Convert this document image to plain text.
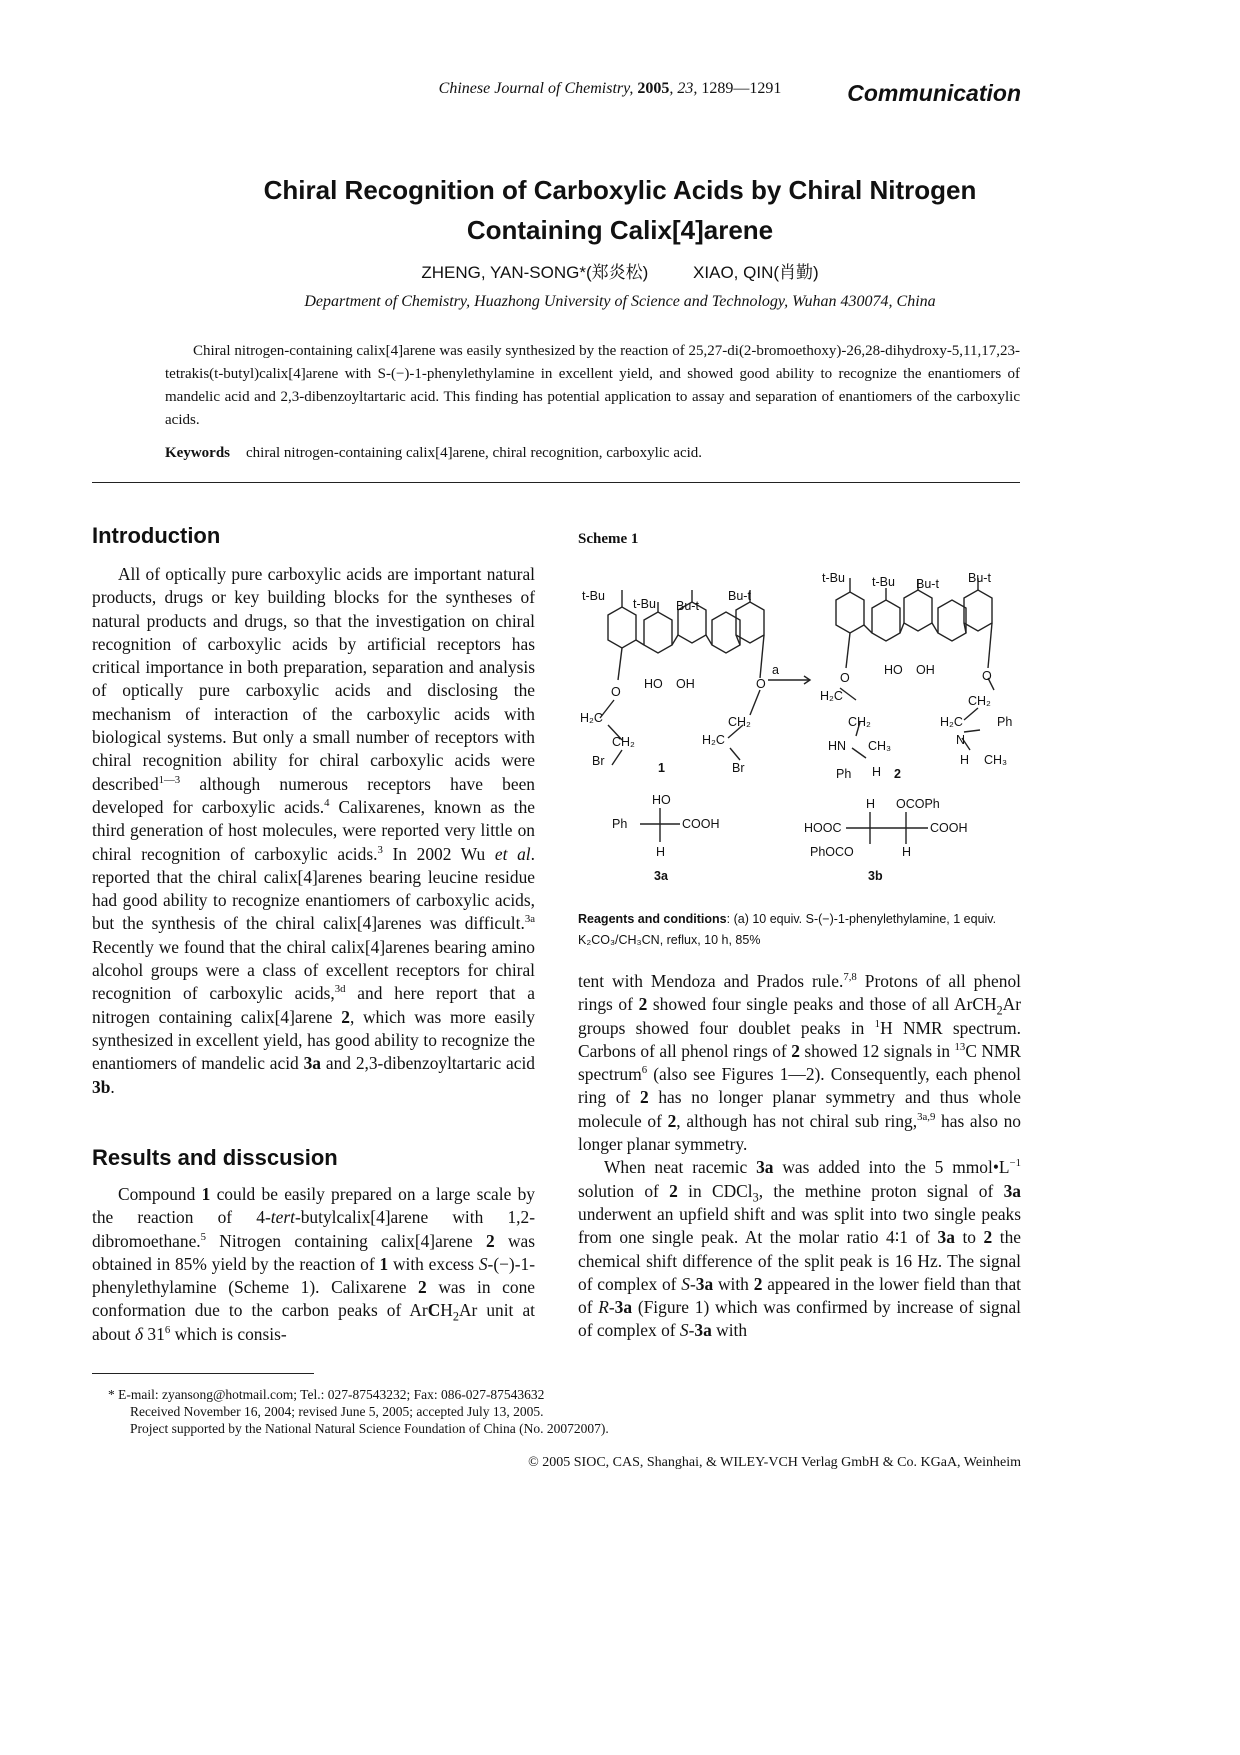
Chinese Journal of Chemistry, 2005, 23, 1289—1291	Communication
Chiral Recognition of Carboxylic Acids by Chiral Nitrogen
Containing Calix[4]arene
ZHENG, YAN-SONG*(郑炎松)	XIAO, QIN(肖勤)
Department of Chemistry, Huazhong University of Science and Technology, Wuhan 430074, China
Chiral nitrogen-containing calix[4]arene was easily synthesized by the reaction of 25,27-di(2-bromoethoxy)-26,28-dihydroxy-5,11,17,23-tetrakis(t-butyl)calix[4]arene with S-(−)-1-phenylethylamine in excellent yield, and showed good ability to recognize the enantiomers of mandelic acid and 2,3-dibenzoyltartaric acid. This finding has potential application to assay and separation of enantiomers of the carboxylic acids.
Keywords chiral nitrogen-containing calix[4]arene, chiral recognition, carboxylic acid.
Introduction

All of optically pure carboxylic acids are important natural products, drugs or key building blocks for the syntheses of natural products and drugs, so that the investigation on chiral recognition of carboxylic acids by artificial receptors has critical importance in both preparation, separation and analysis of optically pure carboxylic acids and disclosing the mechanism of interaction of the carboxylic acids with biological systems. But only a small number of receptors with chiral recognition ability for chiral carboxylic acids were described$^{1—3}$ although numerous receptors have been developed for carboxylic acids.$^4$ Calixarenes, known as the third generation of host molecules, were reported very little on chiral recognition of carboxylic acids.$^3$ In 2002 Wu et al. reported that the chiral calix[4]arenes bearing leucine residue had good ability to recognize enantiomers of carboxylic acids, but the synthesis of the chiral calix[4]arenes was difficult.$^{3a}$ Recently we found that the chiral calix[4]arenes bearing amino alcohol groups were a class of excellent receptors for chiral recognition of carboxylic acids,$^{3d}$ and here report that a nitrogen containing calix[4]arene 2, which was more easily synthesized in excellent yield, has good ability to recognize the enantiomers of mandelic acid 3a and 2,3-dibenzoyltartaric acid 3b.

Results and disscusion

Compound 1 could be easily prepared on a large scale by the reaction of 4-tert-butylcalix[4]arene with 1,2-dibromoethane.$^5$ Nitrogen containing calix[4]arene 2 was obtained in 85% yield by the reaction of 1 with excess S-(−)-1-phenylethylamine (Scheme 1). Calixarene 2 was in cone conformation due to the carbon peaks of ArCH$_2$Ar unit at about δ $31^6$ which is consis-

Scheme 1
t-Bu
t-Bu Bu-t
Bu-t
O
HO OH	O
H₂C
CH₂
Br
CH₂
H₂C
Br
1
a
t-Bu t-Bu Bu-t Bu-t
O
HO OH	O
H₂C
CH₂
HN CH₃
Ph H 2
CH₂
H₂C	Ph
N
H CH₃
HO
Ph	COOH
H
3a
H OCOPh
HOOC	COOH
PhOCO	H
3b
Reagents and conditions: (a) 10 equiv. S-(−)-1-phenylethylamine, 1 equiv. K₂CO₃/CH₃CN, reflux, 10 h, 85%

tent with Mendoza and Prados rule.$^{7,8}$ Protons of all phenol rings of 2 showed four single peaks and those of all ArCH$_2$Ar groups showed four doublet peaks in $^1$H NMR spectrum. Carbons of all phenol rings of 2 showed 12 signals in $^{13}$C NMR spectrum$^6$ (also see Figures 1—2). Consequently, each phenol ring of 2 has no longer planar symmetry and thus whole molecule of 2, although has not chiral sub ring,$^{3a,9}$ has also no longer planar symmetry.

When neat racemic 3a was added into the 5 $mmol•L^{-1}$ solution of 2 in CDCl$_3$, the methine proton signal of 3a underwent an upfield shift and was split into two single peaks from one single peak. At the molar ratio 4∶1 of 3a to 2 the chemical shift difference of the split peak is 16 Hz. The signal of complex of S-3a with 2 appeared in the lower field than that of R-3a (Figure 1) which was confirmed by increase of signal of complex of S-3a with

* E-mail: zyansong@hotmail.com; Tel.: 027-87543232; Fax: 086-027-87543632
Received November 16, 2004; revised June 5, 2005; accepted July 13, 2005.
Project supported by the National Natural Science Foundation of China (No. 20072007).
© 2005 SIOC, CAS, Shanghai, & WILEY-VCH Verlag GmbH & Co. KGaA, Weinheim
